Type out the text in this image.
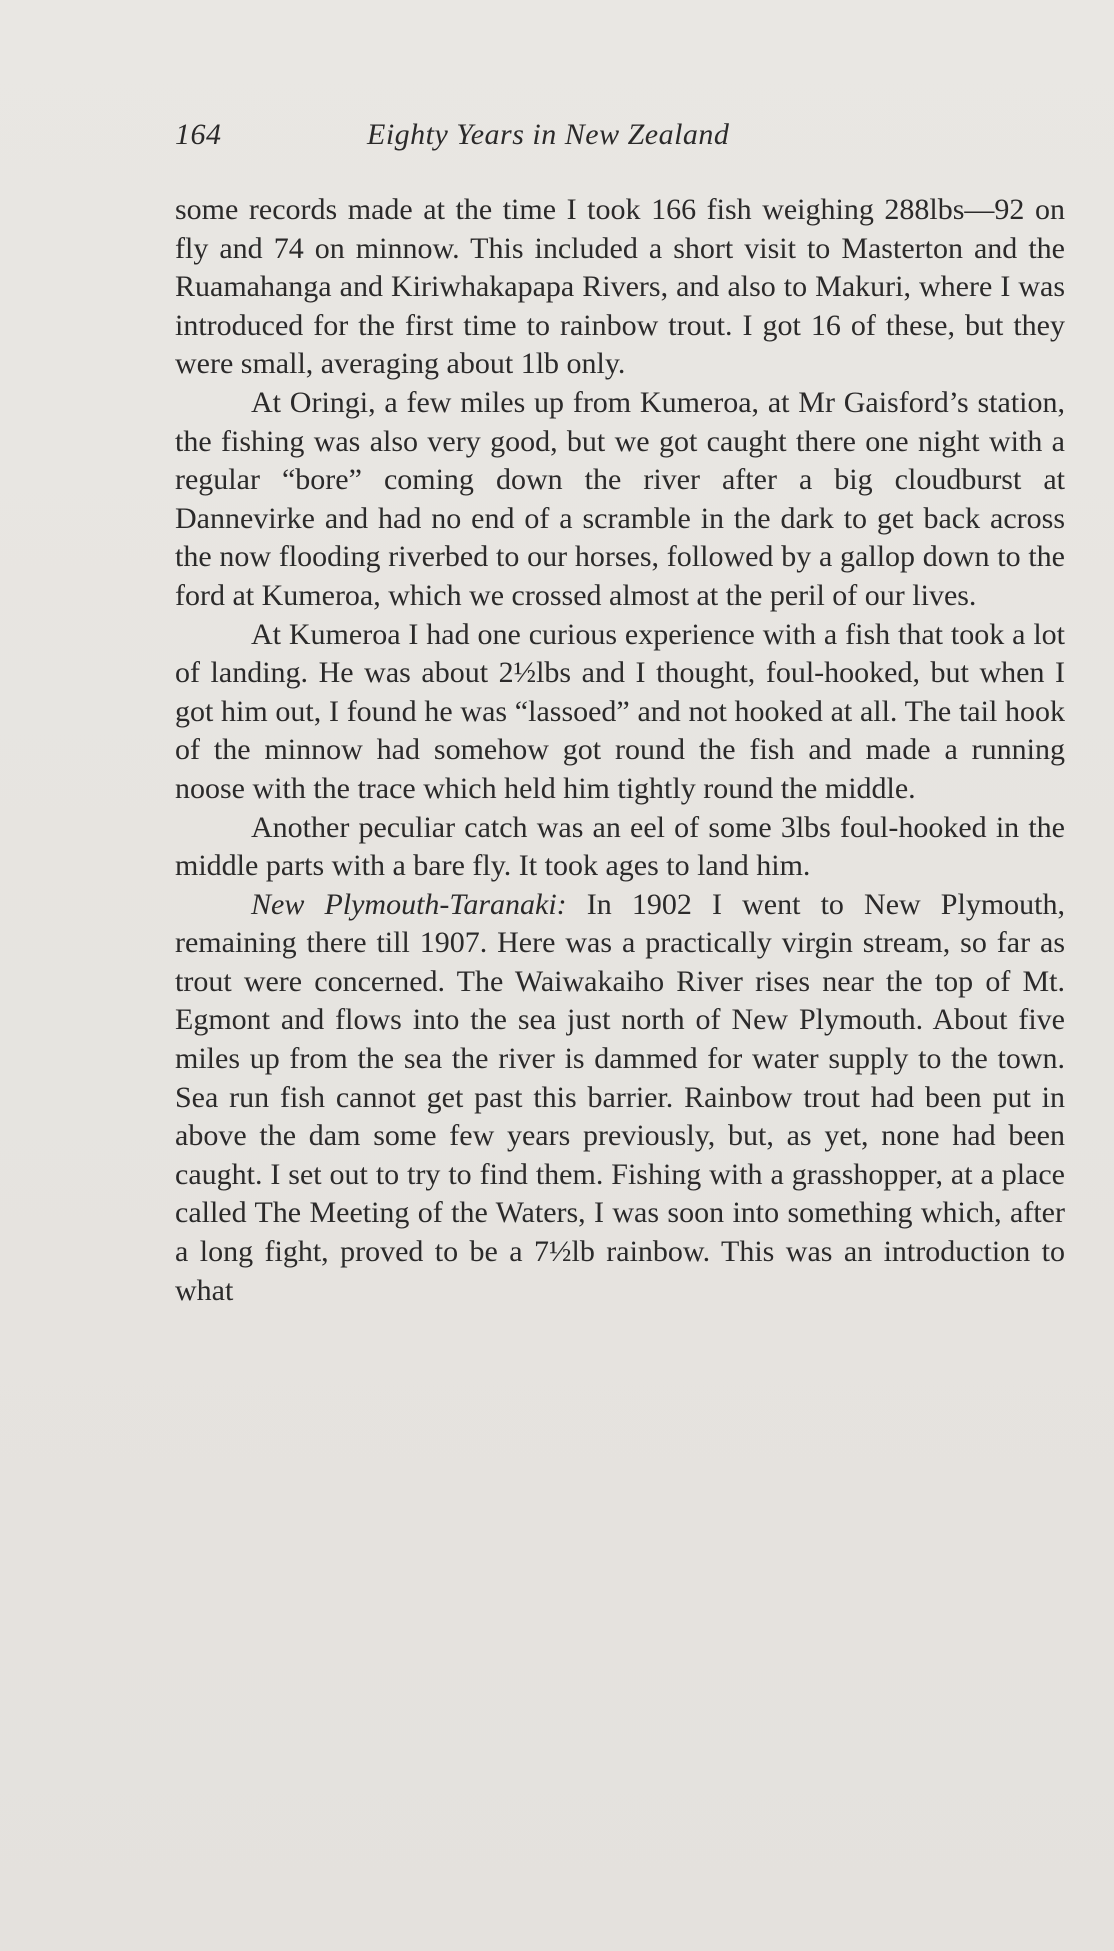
164	Eighty Years in New Zealand

some records made at the time I took 166 fish weighing 288lbs—92 on fly and 74 on minnow. This included a short visit to Masterton and the Ruamahanga and Kiriwhakapapa Rivers, and also to Makuri, where I was introduced for the first time to rainbow trout. I got 16 of these, but they were small, averaging about 1lb only.

At Oringi, a few miles up from Kumeroa, at Mr Gaisford’s station, the fishing was also very good, but we got caught there one night with a regular “bore” coming down the river after a big cloudburst at Dannevirke and had no end of a scramble in the dark to get back across the now flooding riverbed to our horses, followed by a gallop down to the ford at Kumeroa, which we crossed almost at the peril of our lives.

At Kumeroa I had one curious experience with a fish that took a lot of landing. He was about 2½lbs and I thought, foul-hooked, but when I got him out, I found he was “lassoed” and not hooked at all. The tail hook of the minnow had somehow got round the fish and made a running noose with the trace which held him tightly round the middle.

Another peculiar catch was an eel of some 3lbs foul-hooked in the middle parts with a bare fly. It took ages to land him.

New Plymouth-Taranaki: In 1902 I went to New Plymouth, remaining there till 1907. Here was a practically virgin stream, so far as trout were concerned. The Waiwakaiho River rises near the top of Mt. Egmont and flows into the sea just north of New Plymouth. About five miles up from the sea the river is dammed for water supply to the town. Sea run fish cannot get past this barrier. Rainbow trout had been put in above the dam some few years previously, but, as yet, none had been caught. I set out to try to find them. Fishing with a grasshopper, at a place called The Meeting of the Waters, I was soon into something which, after a long fight, proved to be a 7½lb rainbow. This was an introduction to what
